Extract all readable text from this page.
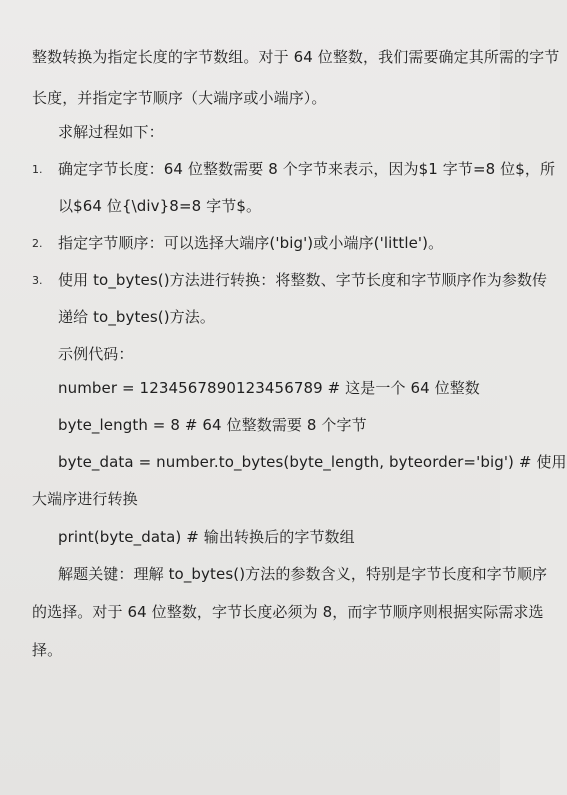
整数转换为指定长度的字节数组。对于 64 位整数，我们需要确定其所需的字节
长度，并指定字节顺序（大端序或小端序）。
求解过程如下：
1. 确定字节长度：64 位整数需要 8 个字节来表示，因为$1 字节=8 位$，所
以$64 位{\div}8=8 字节$。
2. 指定字节顺序：可以选择大端序('big')或小端序('little')。
3. 使用 to_bytes()方法进行转换：将整数、字节长度和字节顺序作为参数传
递给 to_bytes()方法。
示例代码：
number = 1234567890123456789 # 这是一个 64 位整数
byte_length = 8 # 64 位整数需要 8 个字节
byte_data = number.to_bytes(byte_length, byteorder='big') # 使用
大端序进行转换
print(byte_data) # 输出转换后的字节数组
解题关键：理解 to_bytes()方法的参数含义，特别是字节长度和字节顺序
的选择。对于 64 位整数，字节长度必须为 8，而字节顺序则根据实际需求选
择。
